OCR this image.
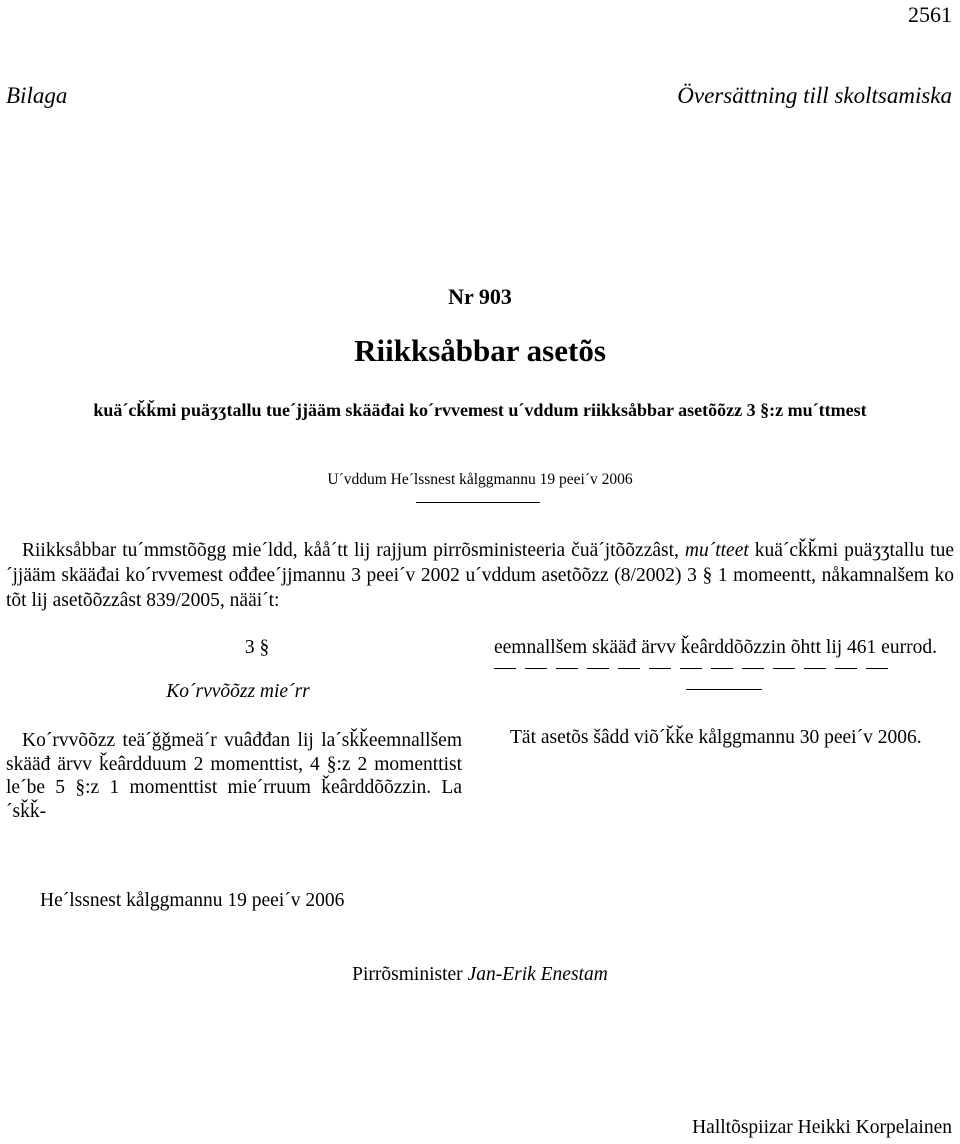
2561
Bilaga	Översättning till skoltsamiska
Nr 903
Riikksåbbar asetõs
kuä´cǩǩmi puäʒʒtallu tue´jjääm skääđai ko´rvvemest u´vddum riikksåbbar asetõõzz 3 §:z mu´ttmest
U´vddum He´lssnest kålggmannu 19 peei´v 2006
Riikksåbbar tu´mmstõõgg mie´ldd, kåå´tt lij rajjum pirrõsministeeria čuä´jtõõzzâst, mu´tteet kuä´cǩǩmi puäʒʒtallu tue´jjääm skääđai ko´rvvemest ođđee´jjmannu 3 peei´v 2002 u´vddum asetõõzz (8/2002) 3 § 1 momeentt, nåkamnalšem ko tõt lij asetõõzzâst 839/2005, nääi´t:
3 §
Ko´rvvõõzz mie´rr

Ko´rvvõõzz teä´ǧǧmeä´r vuâđđan lij la´sǩǩeemnallšem skääđ ärvv ǩeârdduum 2 momenttist, 4 §:z 2 momenttist le´be 5 §:z 1 momenttist mie´rruum ǩeârddõõzzin. La´sǩǩ-

eemnallšem skääđ ärvv ǩeârddõõzzin õhtt lij 461 eurrod.

Tät asetõs šâdd viõ´ǩǩe kålggmannu 30 peei´v 2006.

He´lssnest kålggmannu 19 peei´v 2006
Pirrõsminister Jan-Erik Enestam
Halltõspiizar Heikki Korpelainen
